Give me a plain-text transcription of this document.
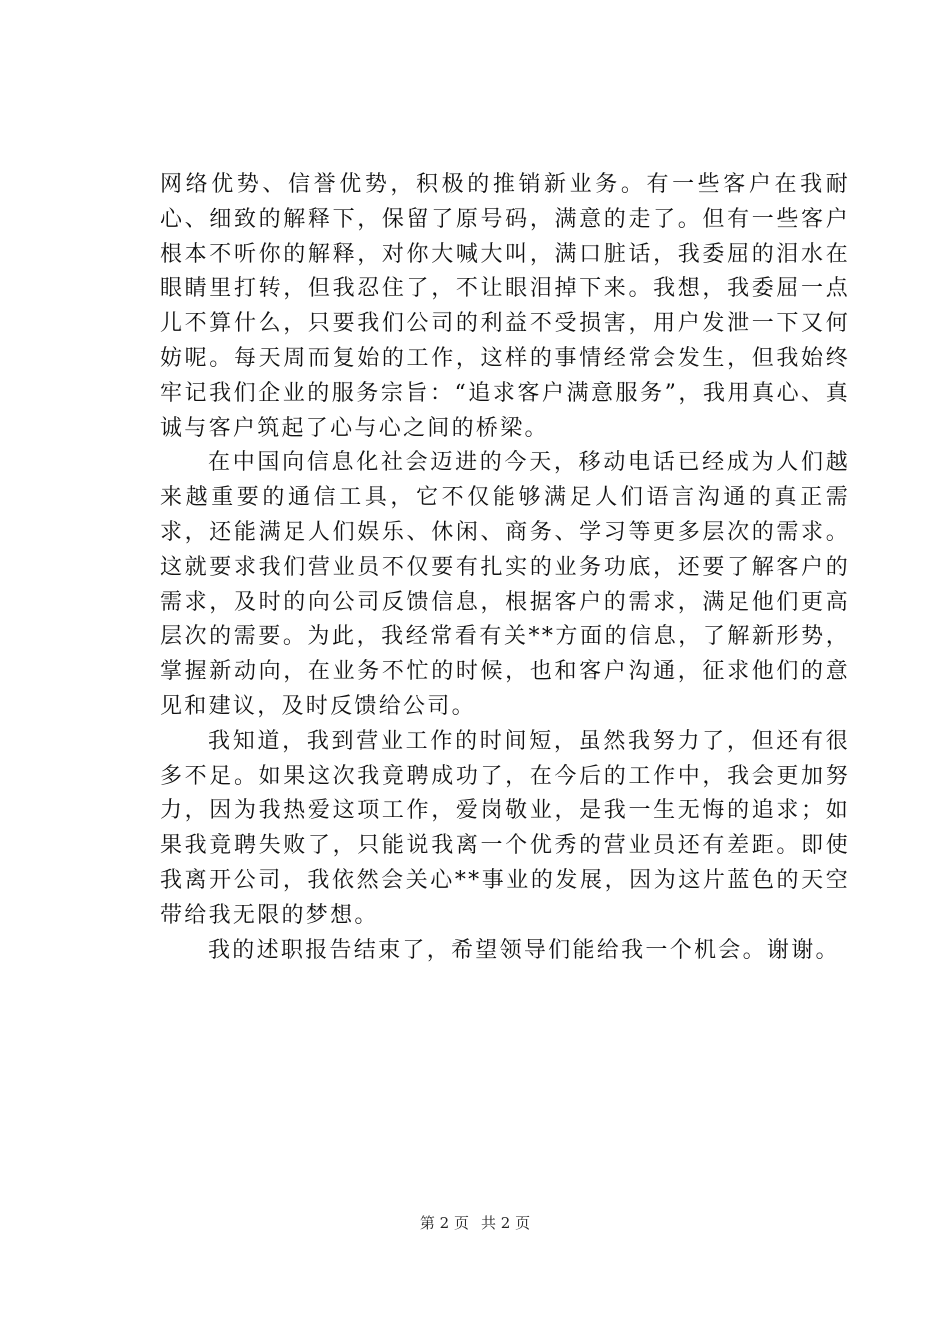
网络优势、信誉优势，积极的推销新业务。有一些客户在我耐心、细致的解释下，保留了原号码，满意的走了。但有一些客户根本不听你的解释，对你大喊大叫，满口脏话，我委屈的泪水在眼睛里打转，但我忍住了，不让眼泪掉下来。我想，我委屈一点儿不算什么，只要我们公司的利益不受损害，用户发泄一下又何妨呢。每天周而复始的工作，这样的事情经常会发生，但我始终牢记我们企业的服务宗旨：“追求客户满意服务”，我用真心、真诚与客户筑起了心与心之间的桥梁。

在中国向信息化社会迈进的今天，移动电话已经成为人们越来越重要的通信工具，它不仅能够满足人们语言沟通的真正需求，还能满足人们娱乐、休闲、商务、学习等更多层次的需求。这就要求我们营业员不仅要有扎实的业务功底，还要了解客户的需求，及时的向公司反馈信息，根据客户的需求，满足他们更高层次的需要。为此，我经常看有关**方面的信息，了解新形势，掌握新动向，在业务不忙的时候，也和客户沟通，征求他们的意见和建议，及时反馈给公司。

我知道，我到营业工作的时间短，虽然我努力了，但还有很多不足。如果这次我竟聘成功了，在今后的工作中，我会更加努力，因为我热爱这项工作，爱岗敬业，是我一生无悔的追求；如果我竟聘失败了，只能说我离一个优秀的营业员还有差距。即使我离开公司，我依然会关心**事业的发展，因为这片蓝色的天空带给我无限的梦想。

我的述职报告结束了，希望领导们能给我一个机会。谢谢。

第 2 页 共 2 页
